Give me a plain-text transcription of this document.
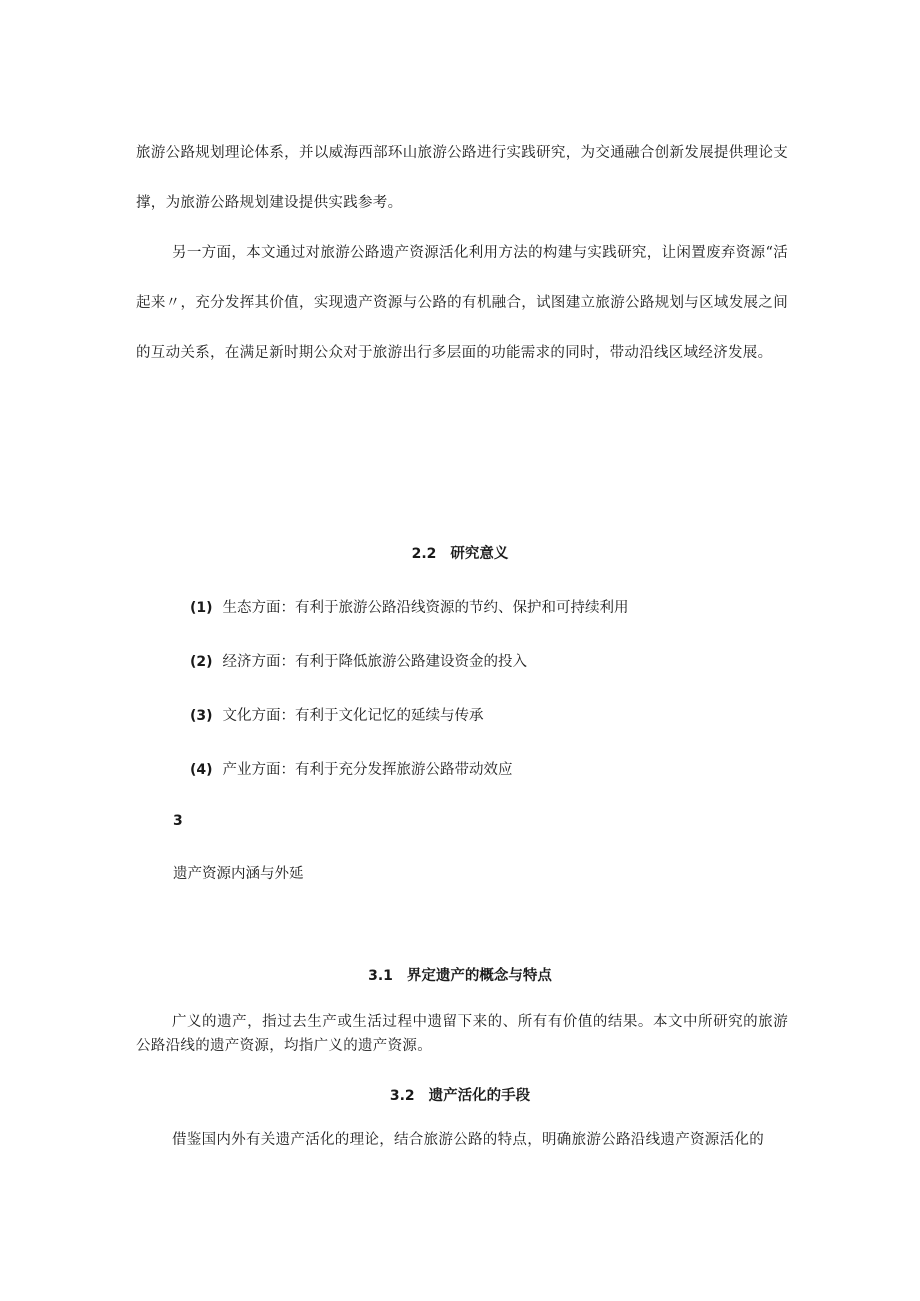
旅游公路规划理论体系，并以威海西部环山旅游公路进行实践研究，为交通融合创新发展提供理论支撑，为旅游公路规划建设提供实践参考。

另一方面，本文通过对旅游公路遗产资源活化利用方法的构建与实践研究，让闲置废弃资源“活起来〃，充分发挥其价值，实现遗产资源与公路的有机融合，试图建立旅游公路规划与区域发展之间的互动关系，在满足新时期公众对于旅游出行多层面的功能需求的同时，带动沿线区域经济发展。

2.2 研究意义

(1) 生态方面：有利于旅游公路沿线资源的节约、保护和可持续利用

(2) 经济方面：有利于降低旅游公路建设资金的投入

(3) 文化方面：有利于文化记忆的延续与传承

(4) 产业方面：有利于充分发挥旅游公路带动效应

3

遗产资源内涵与外延

3.1 界定遗产的概念与特点

广义的遗产，指过去生产或生活过程中遗留下来的、所有有价值的结果。本文中所研究的旅游公路沿线的遗产资源，均指广义的遗产资源。

3.2 遗产活化的手段

借鉴国内外有关遗产活化的理论，结合旅游公路的特点，明确旅游公路沿线遗产资源活化的
